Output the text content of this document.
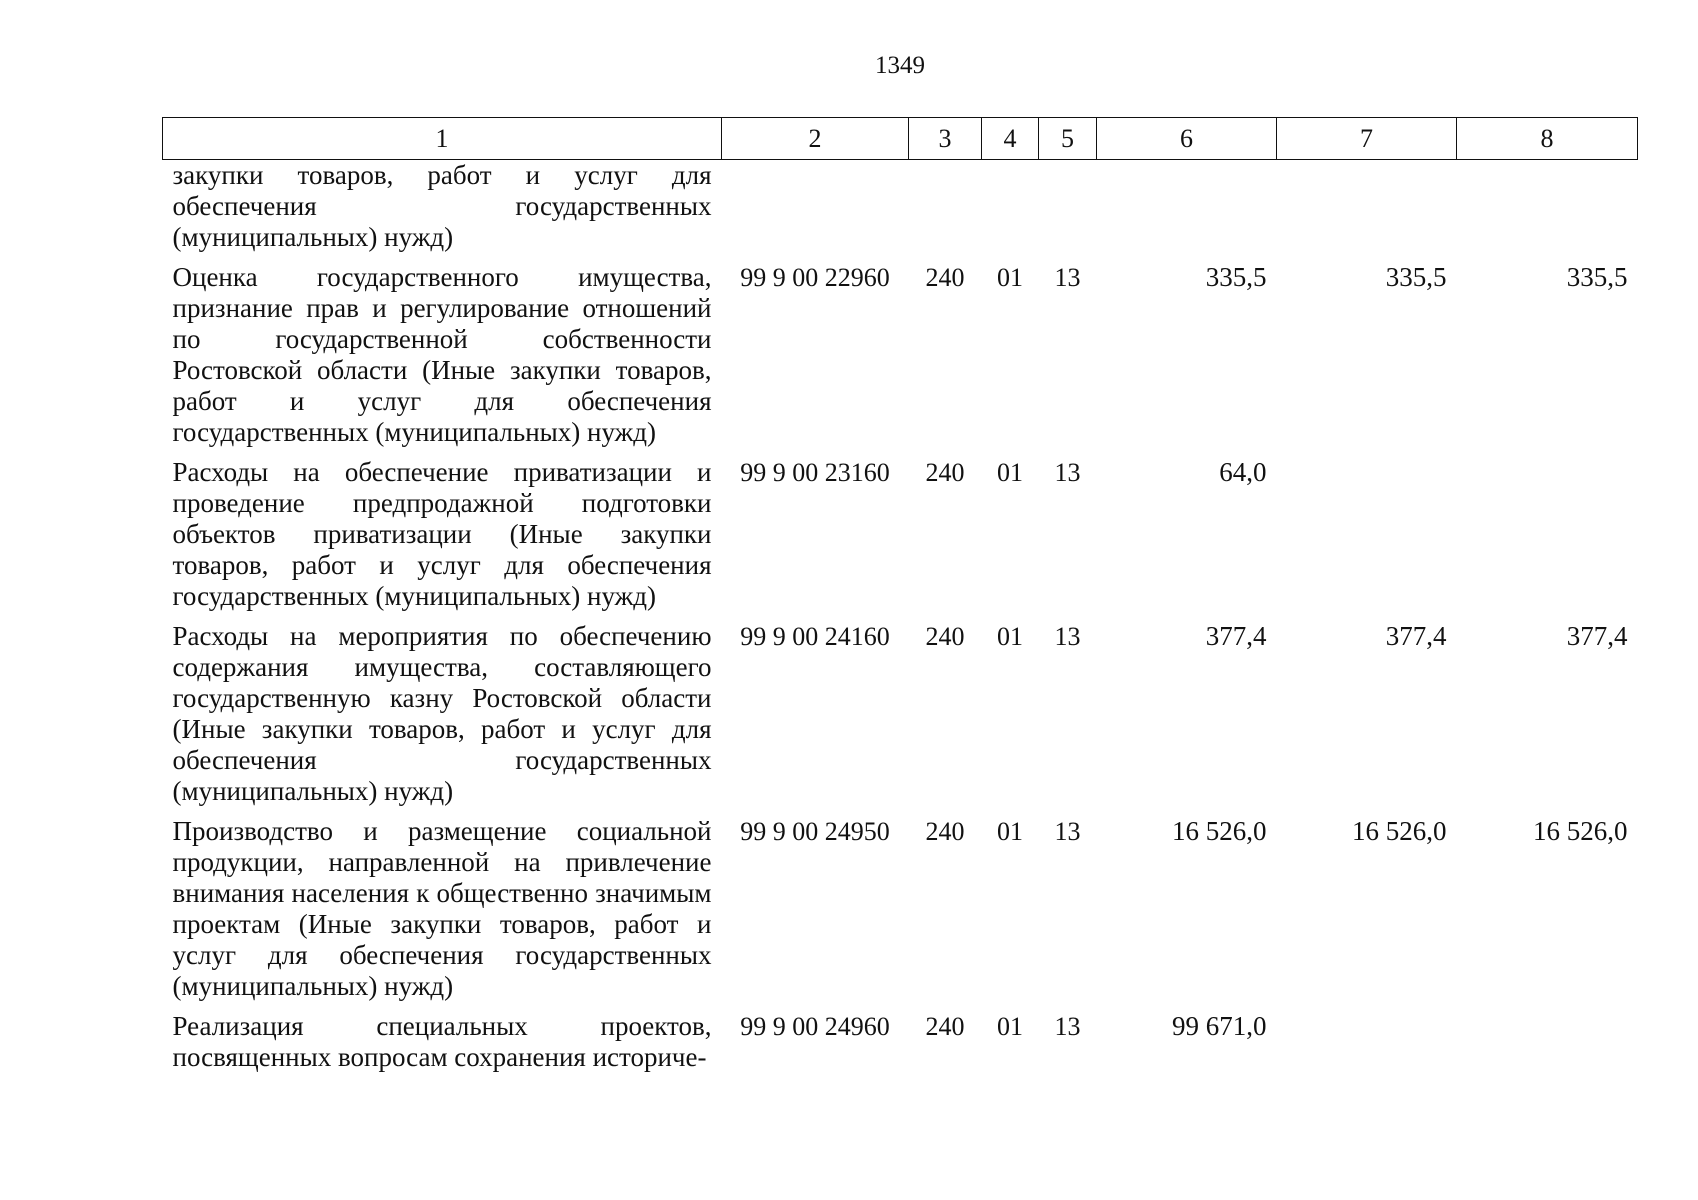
1349
1	2	3	4	5	6	7	8
закупки товаров, работ и услуг для обеспечения государственных (муниципальных) нужд)							
Оценка государственного имущества, признание прав и регулирование отношений по государственной собственности Ростовской области (Иные закупки товаров, работ и услуг для обеспечения государственных (муниципальных) нужд)	99 9 00 22960	240	01	13	335,5	335,5	335,5
Расходы на обеспечение приватизации и проведение предпродажной подготовки объектов приватизации (Иные закупки товаров, работ и услуг для обеспечения государственных (муниципальных) нужд)	99 9 00 23160	240	01	13	64,0		
Расходы на мероприятия по обеспечению содержания имущества, составляющего государственную казну Ростовской области (Иные закупки товаров, работ и услуг для обеспечения государственных (муниципальных) нужд)	99 9 00 24160	240	01	13	377,4	377,4	377,4
Производство и размещение социальной продукции, направленной на привлечение внимания населения к общественно значимым проектам (Иные закупки товаров, работ и услуг для обеспечения государственных (муниципальных) нужд)	99 9 00 24950	240	01	13	16 526,0	16 526,0	16 526,0
Реализация специальных проектов, посвященных вопросам сохранения историче-	99 9 00 24960	240	01	13	99 671,0		
